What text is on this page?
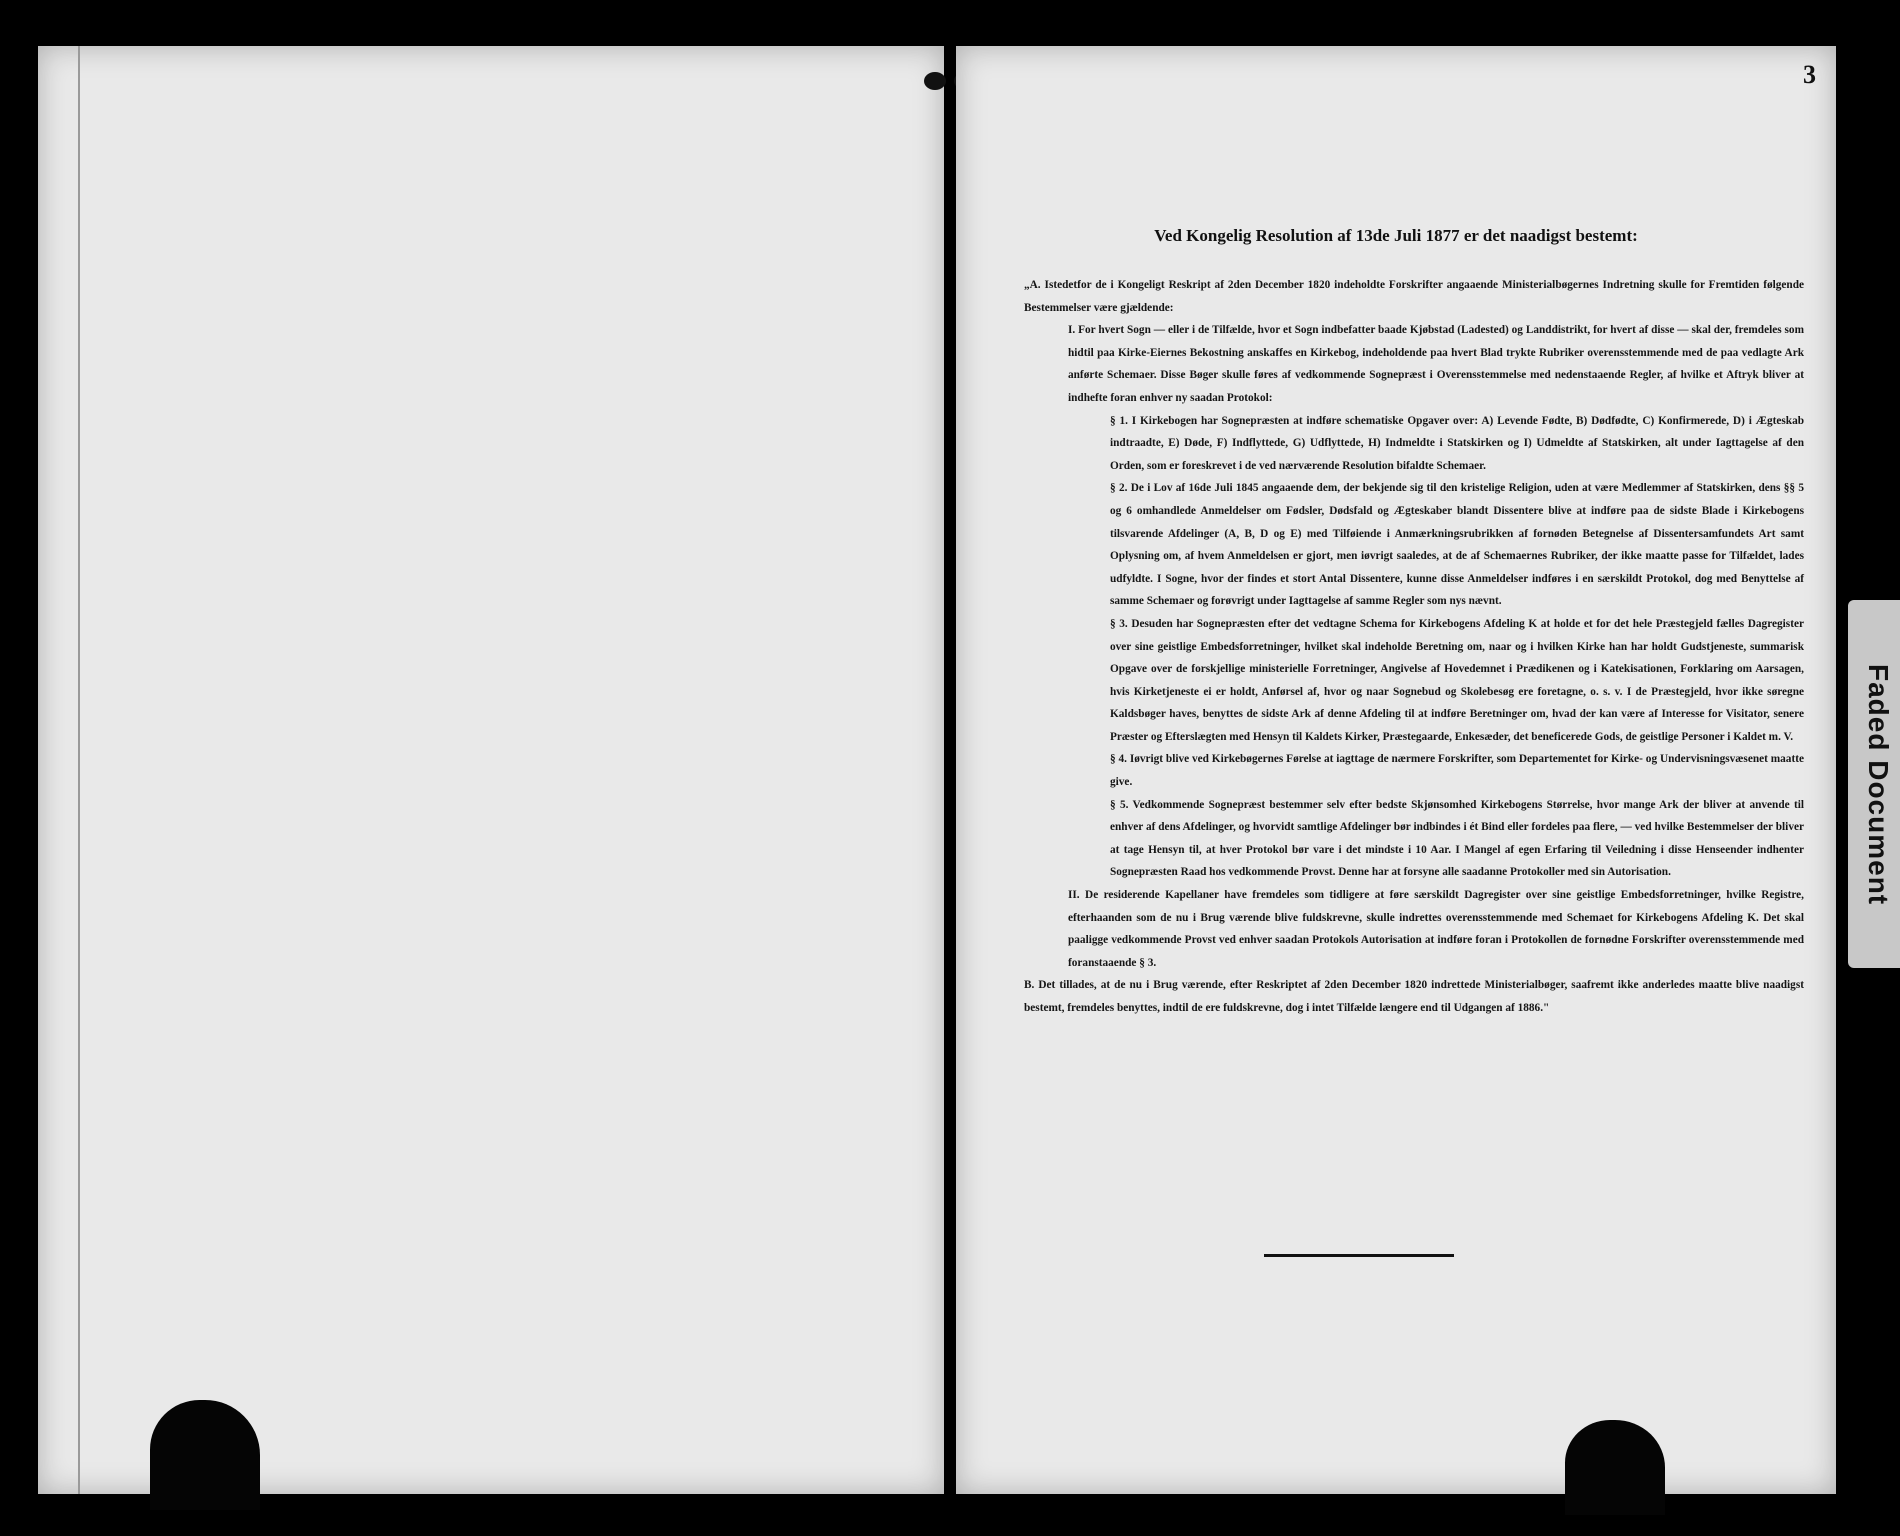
3
Ved Kongelig Resolution af 13de Juli 1877 er det naadigst bestemt:

„A. Istedetfor de i Kongeligt Reskript af 2den December 1820 indeholdte Forskrifter angaaende Ministerialbøgernes Indretning skulle for Fremtiden følgende Bestemmelser være gjældende:

I. For hvert Sogn — eller i de Tilfælde, hvor et Sogn indbefatter baade Kjøbstad (Ladested) og Landdistrikt, for hvert af disse — skal der, fremdeles som hidtil paa Kirke-Eiernes Bekostning anskaffes en Kirkebog, indeholdende paa hvert Blad trykte Rubriker overensstemmende med de paa vedlagte Ark anførte Schemaer. Disse Bøger skulle føres af vedkommende Sognepræst i Overensstemmelse med nedenstaaende Regler, af hvilke et Aftryk bliver at indhefte foran enhver ny saadan Protokol:

§ 1. I Kirkebogen har Sognepræsten at indføre schematiske Opgaver over: A) Levende Fødte, B) Dødfødte, C) Konfirmerede, D) i Ægteskab indtraadte, E) Døde, F) Indflyttede, G) Udflyttede, H) Indmeldte i Statskirken og I) Udmeldte af Statskirken, alt under Iagttagelse af den Orden, som er foreskrevet i de ved nærværende Resolution bifaldte Schemaer.

§ 2. De i Lov af 16de Juli 1845 angaaende dem, der bekjende sig til den kristelige Religion, uden at være Medlemmer af Statskirken, dens §§ 5 og 6 omhandlede Anmeldelser om Fødsler, Dødsfald og Ægteskaber blandt Dissentere blive at indføre paa de sidste Blade i Kirkebogens tilsvarende Afdelinger (A, B, D og E) med Tilføiende i Anmærkningsrubrikken af fornøden Betegnelse af Dissentersamfundets Art samt Oplysning om, af hvem Anmeldelsen er gjort, men iøvrigt saaledes, at de af Schemaernes Rubriker, der ikke maatte passe for Tilfældet, lades udfyldte. I Sogne, hvor der findes et stort Antal Dissentere, kunne disse Anmeldelser indføres i en særskildt Protokol, dog med Benyttelse af samme Schemaer og forøvrigt under Iagttagelse af samme Regler som nys nævnt.

§ 3. Desuden har Sognepræsten efter det vedtagne Schema for Kirkebogens Afdeling K at holde et for det hele Præstegjeld fælles Dagregister over sine geistlige Embedsforretninger, hvilket skal indeholde Beretning om, naar og i hvilken Kirke han har holdt Gudstjeneste, summarisk Opgave over de forskjellige ministerielle Forretninger, Angivelse af Hovedemnet i Prædikenen og i Katekisationen, Forklaring om Aarsagen, hvis Kirketjeneste ei er holdt, Anførsel af, hvor og naar Sognebud og Skolebesøg ere foretagne, o. s. v. I de Præstegjeld, hvor ikke søregne Kaldsbøger haves, benyttes de sidste Ark af denne Afdeling til at indføre Beretninger om, hvad der kan være af Interesse for Visitator, senere Præster og Efterslægten med Hensyn til Kaldets Kirker, Præstegaarde, Enkesæder, det beneficerede Gods, de geistlige Personer i Kaldet m. V.

§ 4. Iøvrigt blive ved Kirkebøgernes Førelse at iagttage de nærmere Forskrifter, som Departementet for Kirke- og Undervisningsvæsenet maatte give.

§ 5. Vedkommende Sognepræst bestemmer selv efter bedste Skjønsomhed Kirkebogens Størrelse, hvor mange Ark der bliver at anvende til enhver af dens Afdelinger, og hvorvidt samtlige Afdelinger bør indbindes i ét Bind eller fordeles paa flere, — ved hvilke Bestemmelser der bliver at tage Hensyn til, at hver Protokol bør vare i det mindste i 10 Aar. I Mangel af egen Erfaring til Veiledning i disse Henseender indhenter Sognepræsten Raad hos vedkommende Provst. Denne har at forsyne alle saadanne Protokoller med sin Autorisation.

II. De residerende Kapellaner have fremdeles som tidligere at føre særskildt Dagregister over sine geistlige Embedsforretninger, hvilke Registre, efterhaanden som de nu i Brug værende blive fuldskrevne, skulle indrettes overensstemmende med Schemaet for Kirkebogens Afdeling K. Det skal paaligge vedkommende Provst ved enhver saadan Protokols Autorisation at indføre foran i Protokollen de fornødne Forskrifter overensstemmende med foranstaaende § 3.

B. Det tillades, at de nu i Brug værende, efter Reskriptet af 2den December 1820 indrettede Ministerialbøger, saafremt ikke anderledes maatte blive naadigst bestemt, fremdeles benyttes, indtil de ere fuldskrevne, dog i intet Tilfælde længere end til Udgangen af 1886."

Faded Document
